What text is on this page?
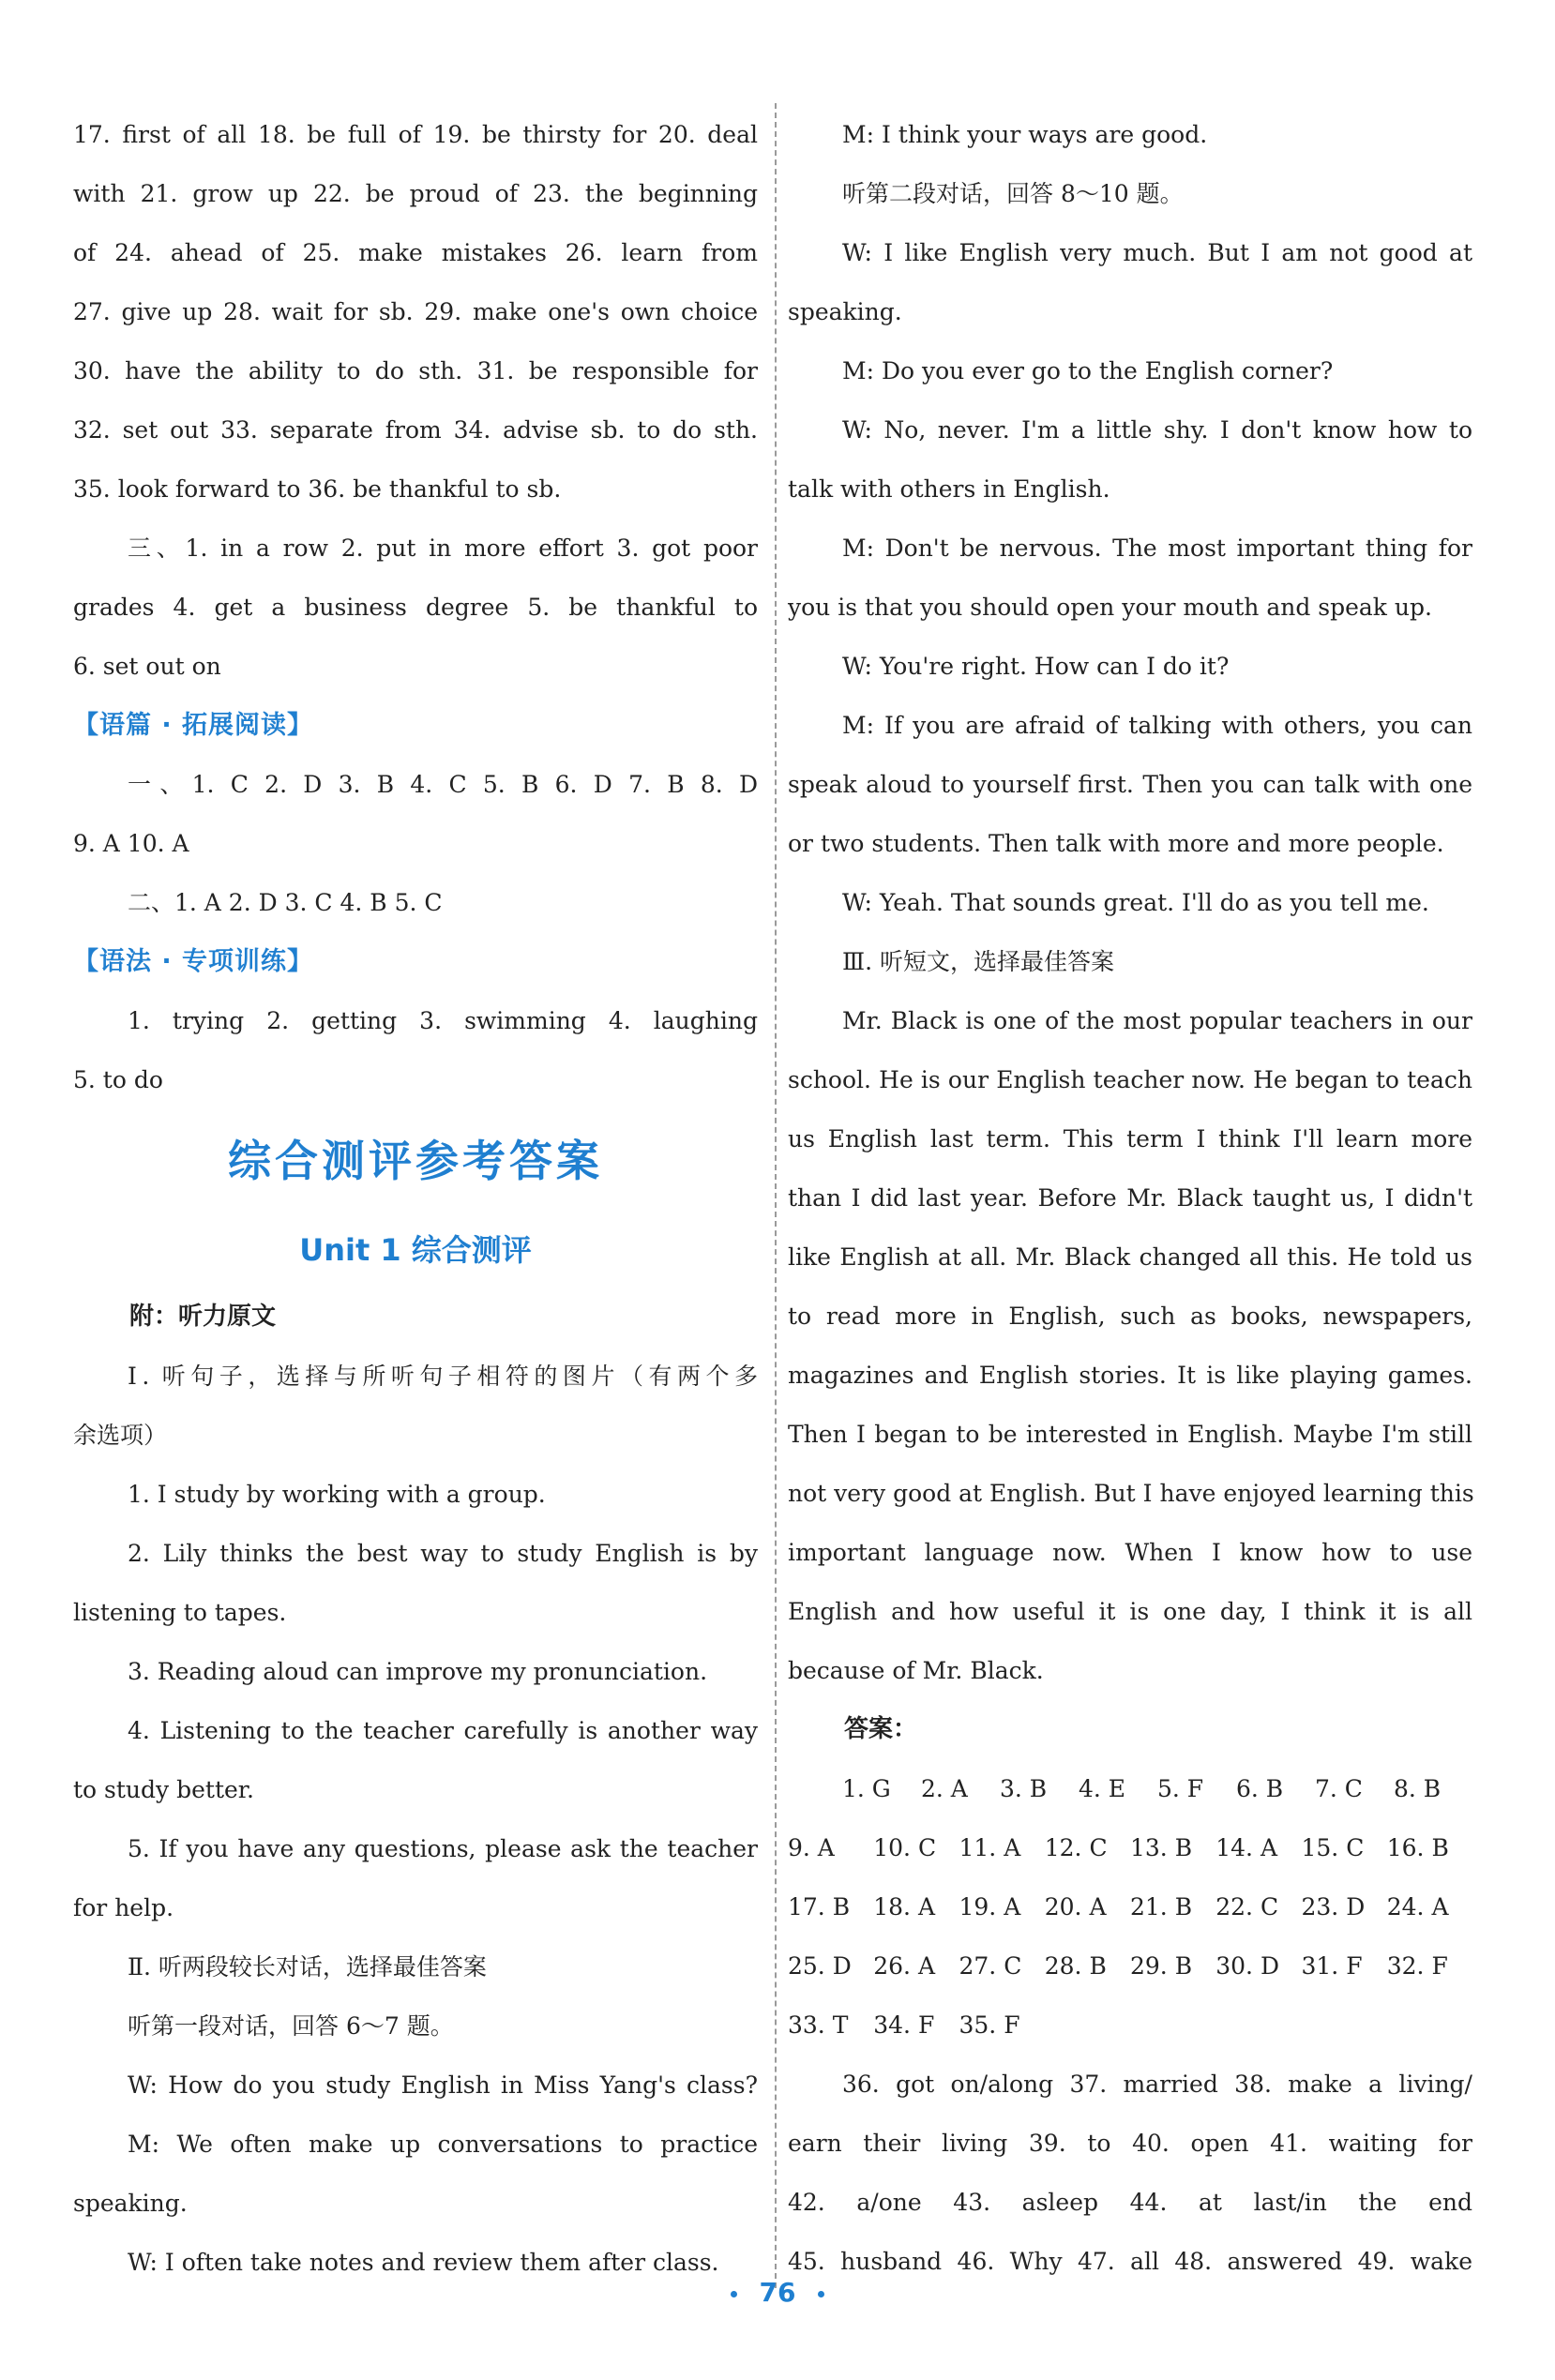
17. first of all 18. be full of 19. be thirsty for 20. deal
with 21. grow up 22. be proud of 23. the beginning
of 24. ahead of 25. make mistakes 26. learn from
27. give up 28. wait for sb. 29. make one's own choice
30. have the ability to do sth. 31. be responsible for
32. set out 33. separate from 34. advise sb. to do sth.
35. look forward to 36. be thankful to sb.
三、1. in a row 2. put in more effort 3. got poor
grades 4. get a business degree 5. be thankful to
6. set out on
【语篇 · 拓展阅读】
一、1. C 2. D 3. B 4. C 5. B 6. D 7. B 8. D
9. A 10. A
二、1. A 2. D 3. C 4. B 5. C
【语法 · 专项训练】
1. trying 2. getting 3. swimming 4. laughing
5. to do
综合测评参考答案
Unit 1 综合测评
附：听力原文
Ⅰ. 听句子，选择与所听句子相符的图片（有两个多
余选项）
1. I study by working with a group.
2. Lily thinks the best way to study English is by
listening to tapes.
3. Reading aloud can improve my pronunciation.
4. Listening to the teacher carefully is another way
to study better.
5. If you have any questions, please ask the teacher
for help.
Ⅱ. 听两段较长对话，选择最佳答案
听第一段对话，回答 6～7 题。
W: How do you study English in Miss Yang's class?
M: We often make up conversations to practice
speaking.
W: I often take notes and review them after class.
M: I think your ways are good.
听第二段对话，回答 8～10 题。
W: I like English very much. But I am not good at
speaking.
M: Do you ever go to the English corner?
W: No, never. I'm a little shy. I don't know how to
talk with others in English.
M: Don't be nervous. The most important thing for
you is that you should open your mouth and speak up.
W: You're right. How can I do it?
M: If you are afraid of talking with others, you can
speak aloud to yourself first. Then you can talk with one
or two students. Then talk with more and more people.
W: Yeah. That sounds great. I'll do as you tell me.
Ⅲ. 听短文，选择最佳答案
Mr. Black is one of the most popular teachers in our
school. He is our English teacher now. He began to teach
us English last term. This term I think I'll learn more
than I did last year. Before Mr. Black taught us, I didn't
like English at all. Mr. Black changed all this. He told us
to read more in English, such as books, newspapers,
magazines and English stories. It is like playing games.
Then I began to be interested in English. Maybe I'm still
not very good at English. But I have enjoyed learning this
important language now. When I know how to use
English and how useful it is one day, I think it is all
because of Mr. Black.
答案：
1. G	2. A	3. B	4. E	5. F	6. B	7. C	8. B
9. A	10. C 11. A	12. C 13. B	14. A	15. C 16. B
17. B	18. A	19. A	20. A	21. B	22. C 23. D 24. A
25. D 26. A	27. C 28. B	29. B	30. D 31. F	32. F
33. T	34. F	35. F
36. got on/along 37. married 38. make a living/
earn their living 39. to 40. open 41. waiting for
42. a/one 43. asleep 44. at last/in the end
45. husband 46. Why 47. all 48. answered 49. wake
76
